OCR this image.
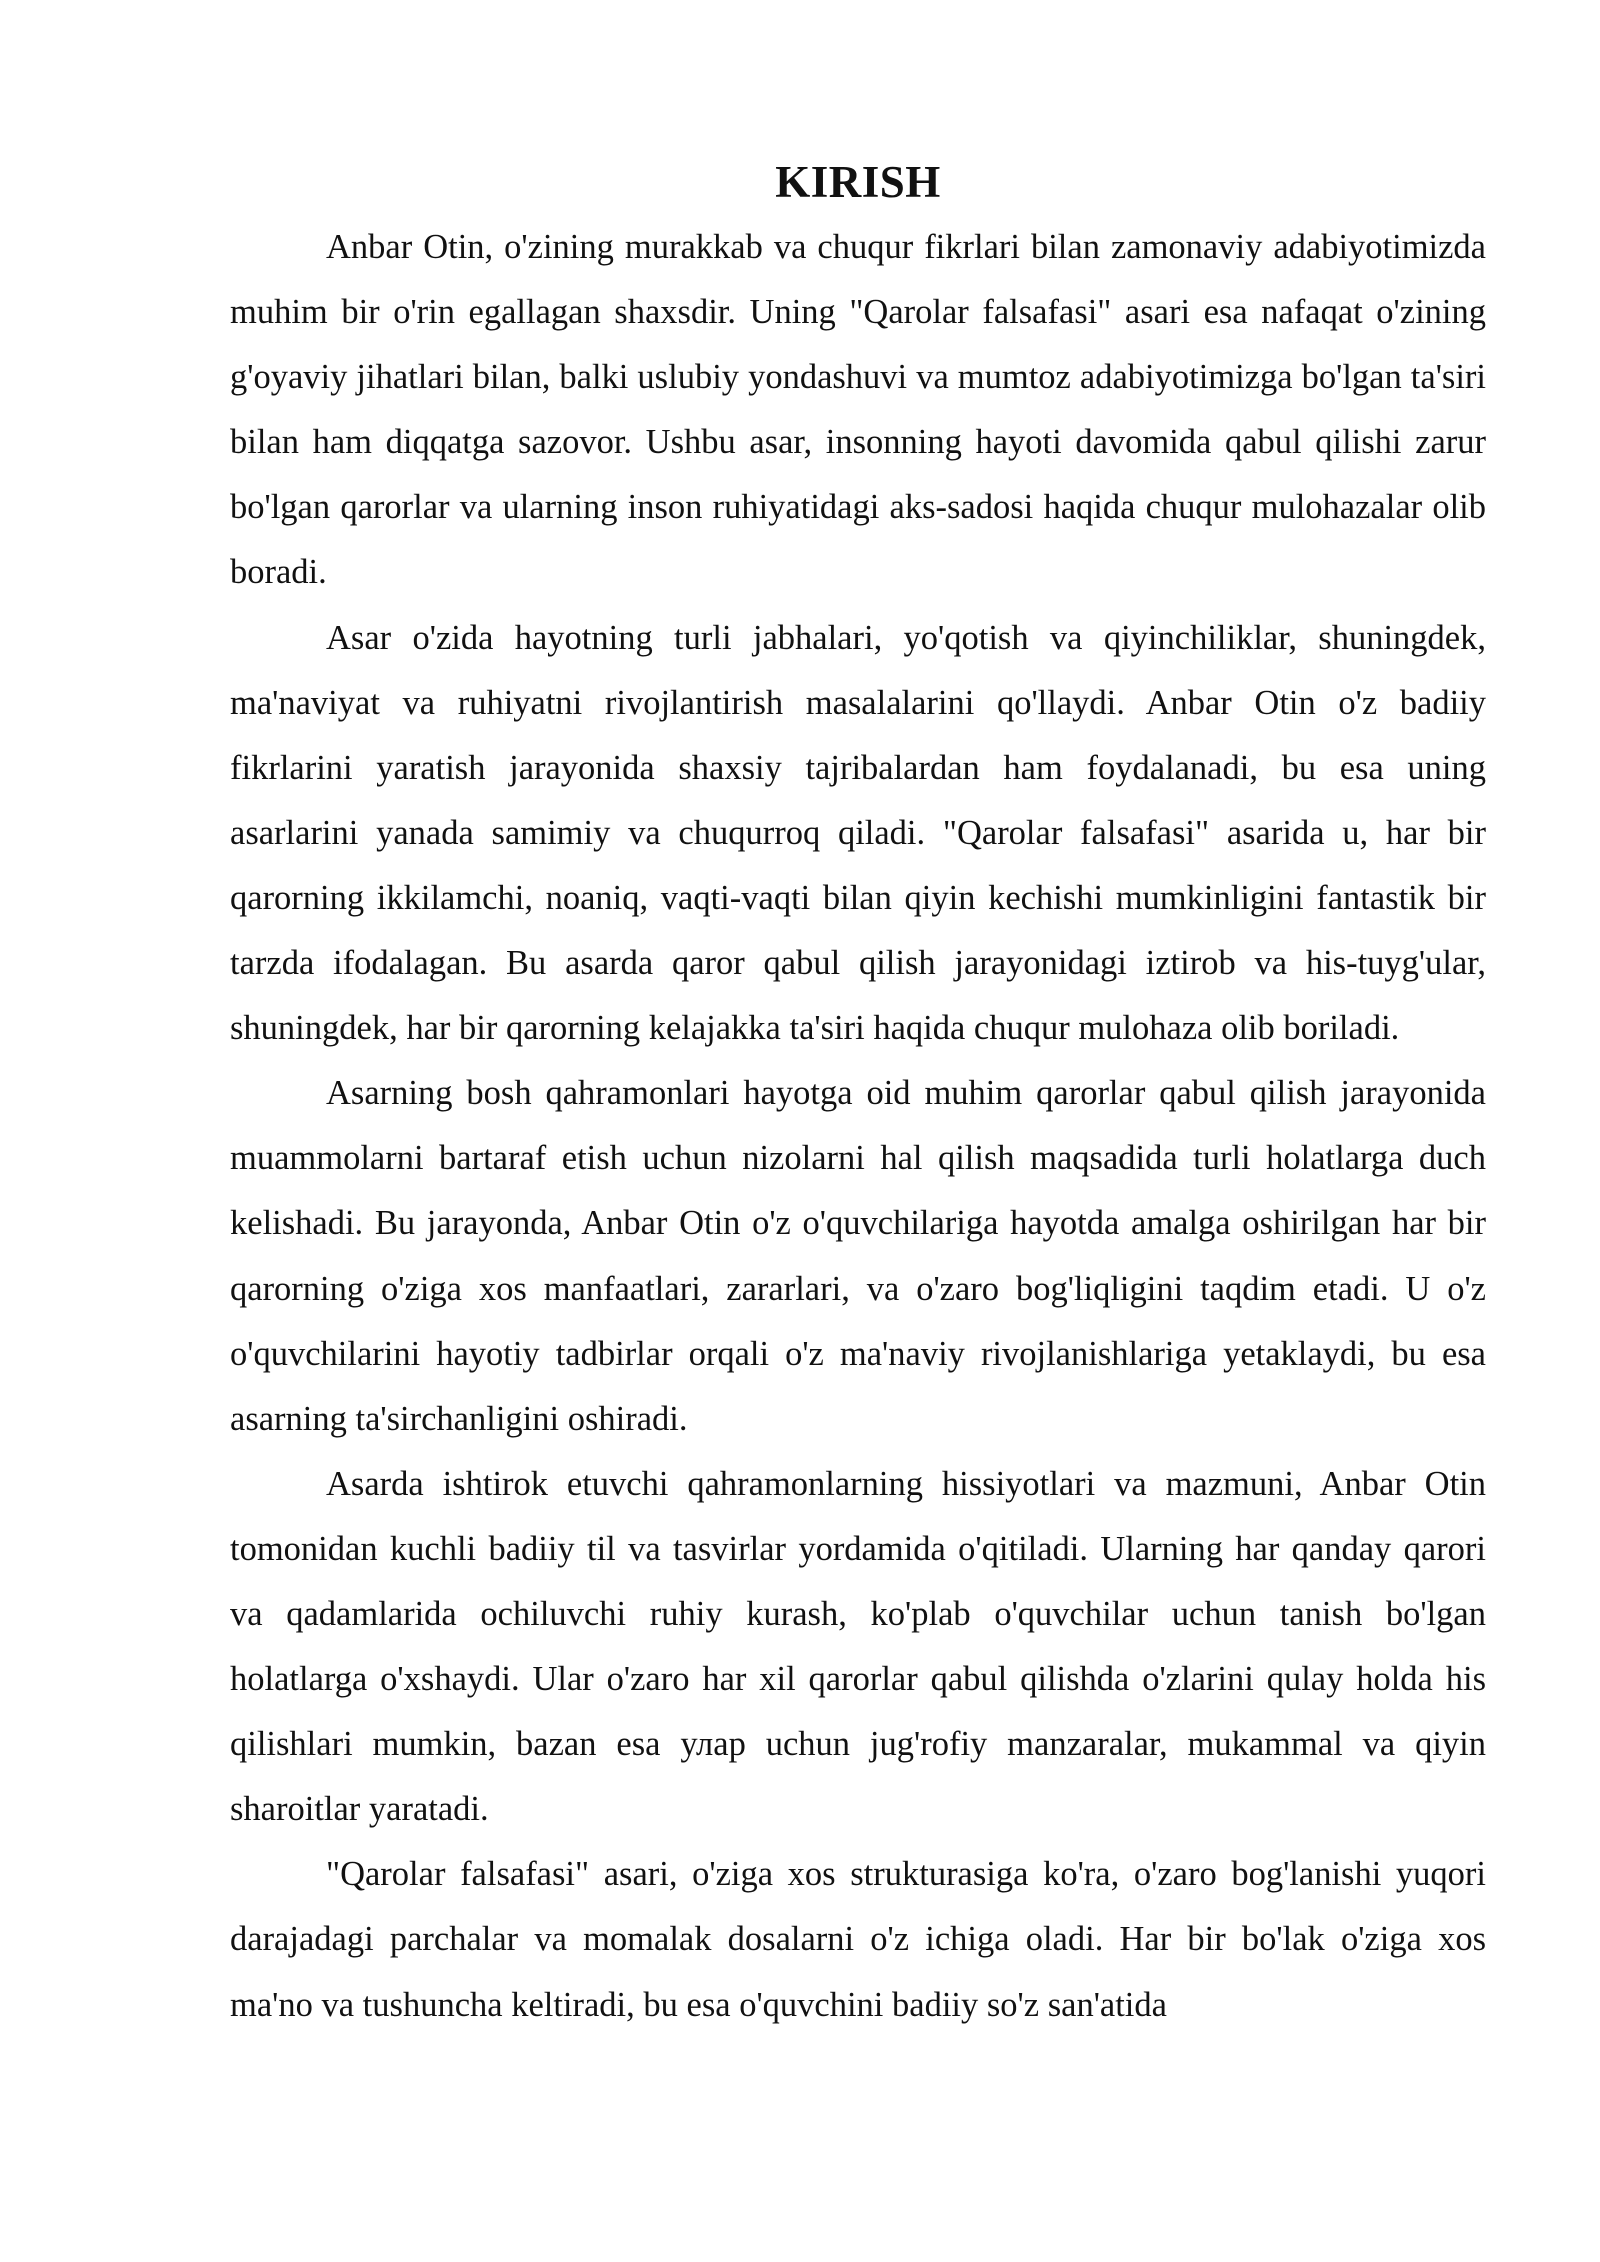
KIRISH

Anbar Otin, o'zining murakkab va chuqur fikrlari bilan zamonaviy adabiyotimizda muhim bir o'rin egallagan shaxsdir. Uning "Qarolar falsafasi" asari esa nafaqat o'zining g'oyaviy jihatlari bilan, balki uslubiy yondashuvi va mumtoz adabiyotimizga bo'lgan ta'siri bilan ham diqqatga sazovor. Ushbu asar, insonning hayoti davomida qabul qilishi zarur bo'lgan qarorlar va ularning inson ruhiyatidagi aks-sadosi haqida chuqur mulohazalar olib boradi.

Asar o'zida hayotning turli jabhalari, yo'qotish va qiyinchiliklar, shuningdek, ma'naviyat va ruhiyatni rivojlantirish masalalarini qo'llaydi. Anbar Otin o'z badiiy fikrlarini yaratish jarayonida shaxsiy tajribalardan ham foydalanadi, bu esa uning asarlarini yanada samimiy va chuqurroq qiladi. "Qarolar falsafasi" asarida u, har bir qarorning ikkilamchi, noaniq, vaqti-vaqti bilan qiyin kechishi mumkinligini fantastik bir tarzda ifodalagan. Bu asarda qaror qabul qilish jarayonidagi iztirob va his-tuyg'ular, shuningdek, har bir qarorning kelajakka ta'siri haqida chuqur mulohaza olib boriladi.

Asarning bosh qahramonlari hayotga oid muhim qarorlar qabul qilish jarayonida muammolarni bartaraf etish uchun nizolarni hal qilish maqsadida turli holatlarga duch kelishadi. Bu jarayonda, Anbar Otin o'z o'quvchilariga hayotda amalga oshirilgan har bir qarorning o'ziga xos manfaatlari, zararlari, va o'zaro bog'liqligini taqdim etadi. U o'z o'quvchilarini hayotiy tadbirlar orqali o'z ma'naviy rivojlanishlariga yetaklaydi, bu esa asarning ta'sirchanligini oshiradi.

Asarda ishtirok etuvchi qahramonlarning hissiyotlari va mazmuni, Anbar Otin tomonidan kuchli badiiy til va tasvirlar yordamida o'qitiladi. Ularning har qanday qarori va qadamlarida ochiluvchi ruhiy kurash, ko'plab o'quvchilar uchun tanish bo'lgan holatlarga o'xshaydi. Ular o'zaro har xil qarorlar qabul qilishda o'zlarini qulay holda his qilishlari mumkin, bazan esa улар uchun jug'rofiy manzaralar, mukammal va qiyin sharoitlar yaratadi.

"Qarolar falsafasi" asari, o'ziga xos strukturasiga ko'ra, o'zaro bog'lanishi yuqori darajadagi parchalar va momalak dosalarni o'z ichiga oladi. Har bir bo'lak o'ziga xos ma'no va tushuncha keltiradi, bu esa o'quvchini badiiy so'z san'atida
